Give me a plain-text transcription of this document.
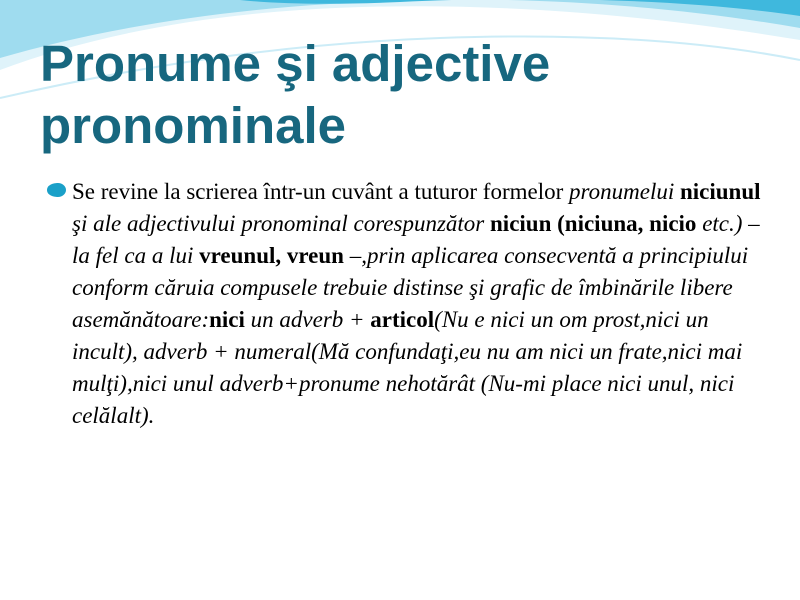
Pronume şi adjective
pronominale

Se revine la scrierea într-un cuvânt a tuturor formelor pronumelui niciunul şi ale adjectivului pronominal corespunzător niciun (niciuna, nicio etc.) – la fel ca a lui vreunul, vreun –,prin aplicarea consecventă a principiului conform căruia compusele trebuie distinse şi grafic de îmbinările libere asemănătoare:nici un adverb + articol(Nu e nici un om prost,nici un incult), adverb + numeral(Mă confundaţi,eu nu am nici un frate,nici mai mulţi),nici unul adverb+pronume nehotărât (Nu-mi place nici unul, nici celălalt).
